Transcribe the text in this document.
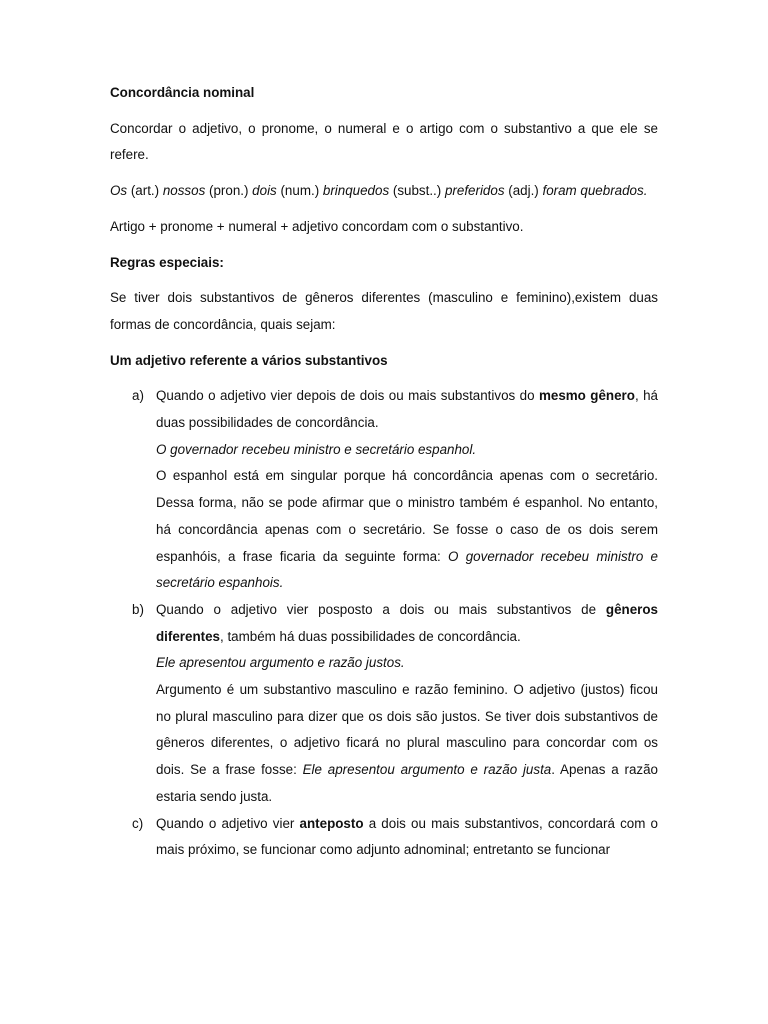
Concordância nominal

Concordar o adjetivo, o pronome, o numeral e o artigo com o substantivo a que ele se refere.

Os (art.) nossos (pron.) dois (num.) brinquedos (subst..) preferidos (adj.) foram quebrados.

Artigo + pronome + numeral + adjetivo concordam com o substantivo.

Regras especiais:

Se tiver dois substantivos de gêneros diferentes (masculino e feminino),existem duas formas de concordância, quais sejam:

Um adjetivo referente a vários substantivos

a) Quando o adjetivo vier depois de dois ou mais substantivos do mesmo gênero, há duas possibilidades de concordância.

O governador recebeu ministro e secretário espanhol.

O espanhol está em singular porque há concordância apenas com o secretário. Dessa forma, não se pode afirmar que o ministro também é espanhol. No entanto, há concordância apenas com o secretário. Se fosse o caso de os dois serem espanhóis, a frase ficaria da seguinte forma: O governador recebeu ministro e secretário espanhois.

b) Quando o adjetivo vier posposto a dois ou mais substantivos de gêneros diferentes, também há duas possibilidades de concordância.

Ele apresentou argumento e razão justos.

Argumento é um substantivo masculino e razão feminino. O adjetivo (justos) ficou no plural masculino para dizer que os dois são justos. Se tiver dois substantivos de gêneros diferentes, o adjetivo ficará no plural masculino para concordar com os dois. Se a frase fosse: Ele apresentou argumento e razão justa. Apenas a razão estaria sendo justa.

c) Quando o adjetivo vier anteposto a dois ou mais substantivos, concordará com o mais próximo, se funcionar como adjunto adnominal; entretanto se funcionar
